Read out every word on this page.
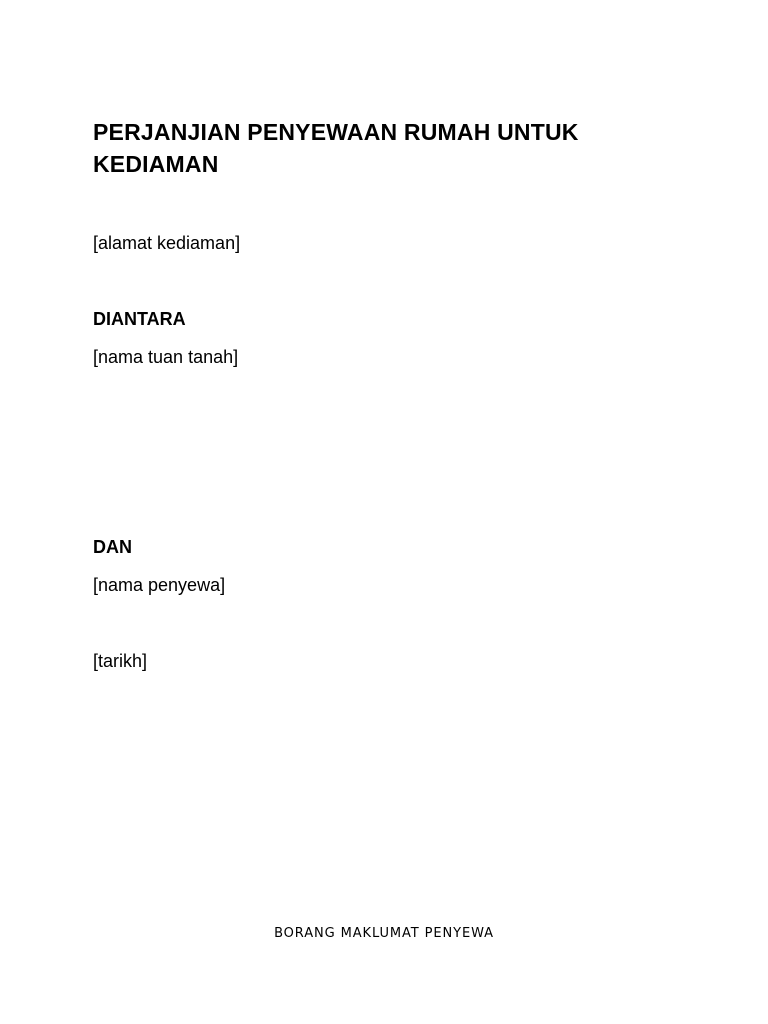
PERJANJIAN PENYEWAAN RUMAH UNTUK KEDIAMAN

[alamat kediaman]

DIANTARA

[nama tuan tanah]

DAN

[nama penyewa]

[tarikh]

BORANG MAKLUMAT PENYEWA
